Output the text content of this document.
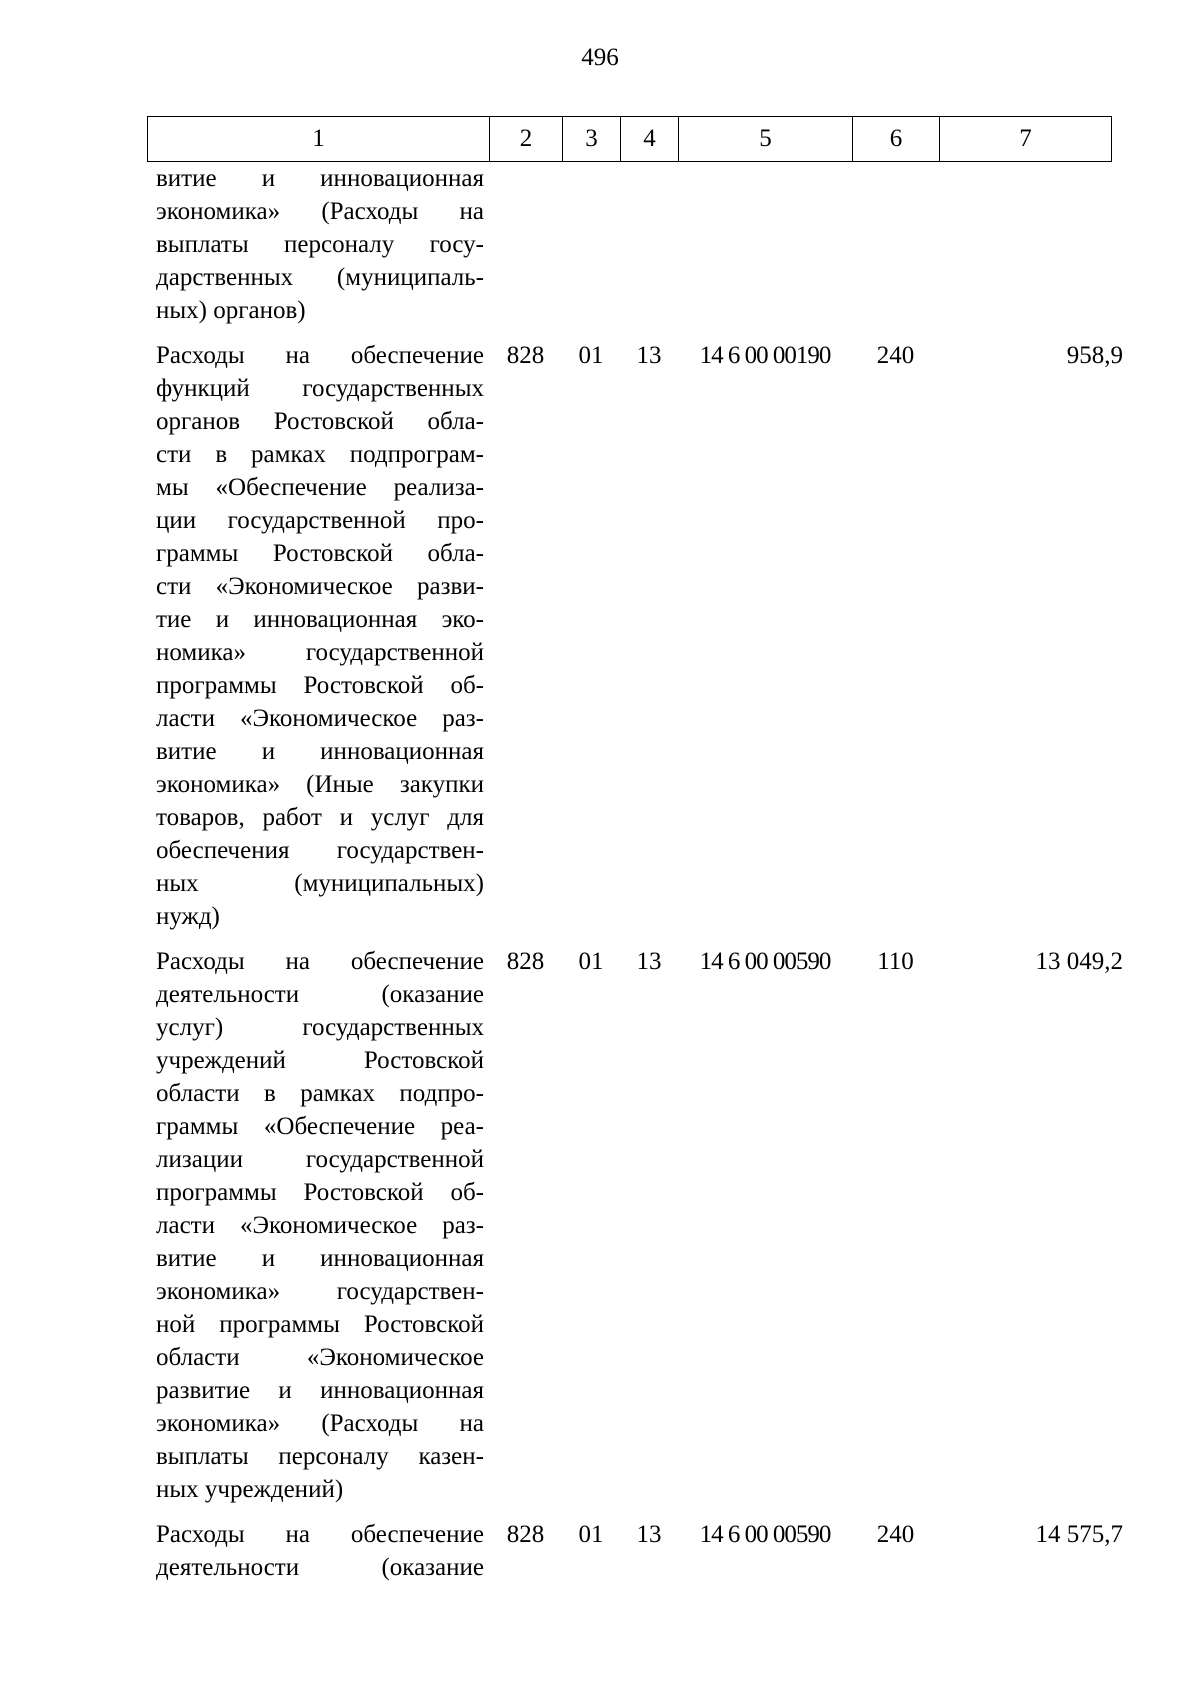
496
1	2	3	4	5	6	7
витие и инновационная
экономика» (Расходы на
выплаты персоналу госу-
дарственных (муниципаль-
ных) органов)
Расходы на обеспечение
функций государственных
органов Ростовской обла-
сти в рамках подпрограм-
мы «Обеспечение реализа-
ции государственной про-
граммы Ростовской обла-
сти «Экономическое разви-
тие и инновационная эко-
номика» государственной
программы Ростовской об-
ласти «Экономическое раз-
витие и инновационная
экономика» (Иные закупки
товаров, работ и услуг для
обеспечения государствен-
ных (муниципальных)
нужд)
828	01	13	14 6 00 00190	240	958,9
Расходы на обеспечение
деятельности (оказание
услуг) государственных
учреждений Ростовской
области в рамках подпро-
граммы «Обеспечение реа-
лизации государственной
программы Ростовской об-
ласти «Экономическое раз-
витие и инновационная
экономика» государствен-
ной программы Ростовской
области «Экономическое
развитие и инновационная
экономика» (Расходы на
выплаты персоналу казен-
ных учреждений)
828	01	13	14 6 00 00590	110	13 049,2
Расходы на обеспечение
деятельности (оказание
828	01	13	14 6 00 00590	240	14 575,7
